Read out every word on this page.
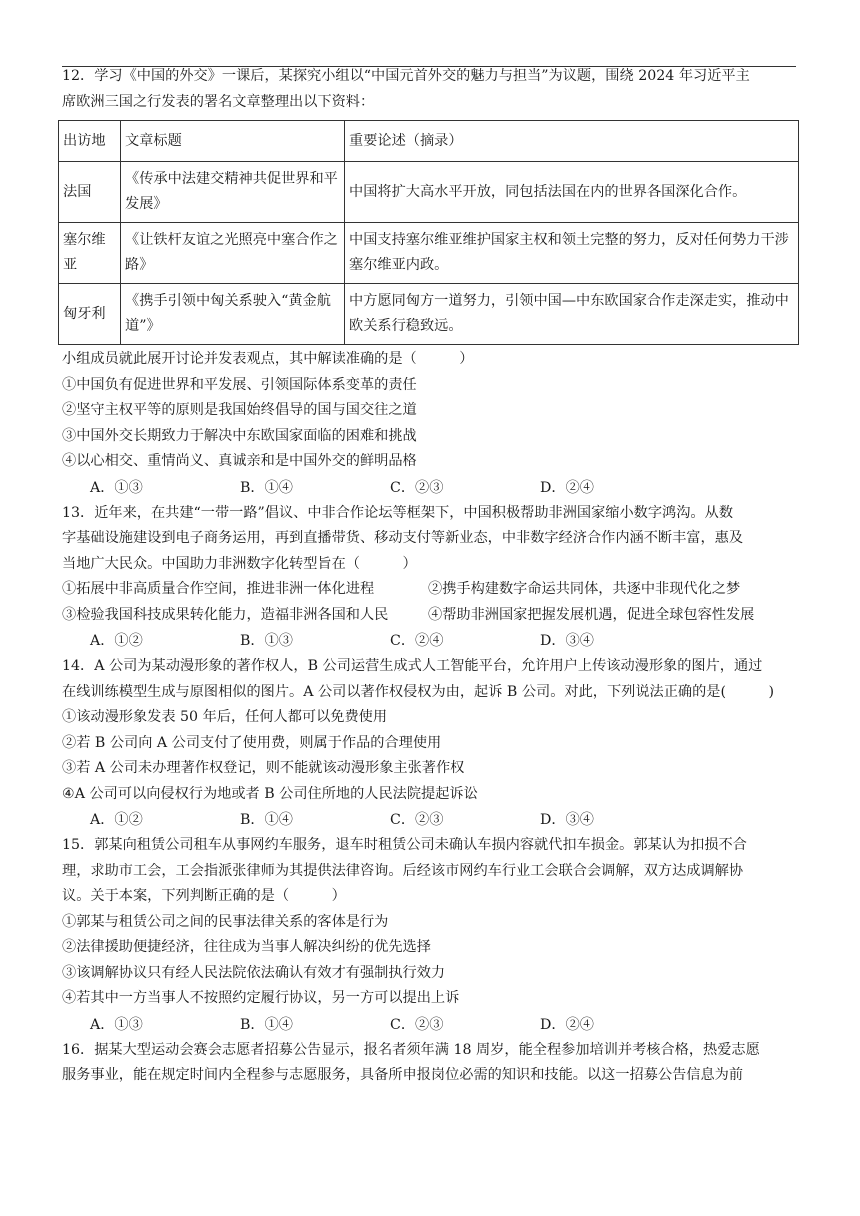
12．学习《中国的外交》一课后，某探究小组以“中国元首外交的魅力与担当”为议题，围绕 2024 年习近平主
席欧洲三国之行发表的署名文章整理出以下资料：
出访地	文章标题	重要论述（摘录）
法国	《传承中法建交精神共促世界和平发展》	中国将扩大高水平开放，同包括法国在内的世界各国深化合作。
塞尔维亚	《让铁杆友谊之光照亮中塞合作之路》	中国支持塞尔维亚维护国家主权和领土完整的努力，反对任何势力干涉塞尔维亚内政。
匈牙利	《携手引领中匈关系驶入“黄金航道”》	中方愿同匈方一道努力，引领中国—中东欧国家合作走深走实，推动中欧关系行稳致远。
小组成员就此展开讨论并发表观点，其中解读准确的是（　　　）
①中国负有促进世界和平发展、引领国际体系变革的责任
②坚守主权平等的原则是我国始终倡导的国与国交往之道
③中国外交长期致力于解决中东欧国家面临的困难和挑战
④以心相交、重情尚义、真诚亲和是中国外交的鲜明品格
A．①③	B．①④	C．②③	D．②④
13．近年来，在共建“一带一路”倡议、中非合作论坛等框架下，中国积极帮助非洲国家缩小数字鸿沟。从数
字基础设施建设到电子商务运用，再到直播带货、移动支付等新业态，中非数字经济合作内涵不断丰富，惠及
当地广大民众。中国助力非洲数字化转型旨在（　　　）
①拓展中非高质量合作空间，推进非洲一体化进程	②携手构建数字命运共同体，共逐中非现代化之梦
③检验我国科技成果转化能力，造福非洲各国和人民	④帮助非洲国家把握发展机遇，促进全球包容性发展
A．①②	B．①③	C．②④	D．③④
14．A 公司为某动漫形象的著作权人，B 公司运营生成式人工智能平台，允许用户上传该动漫形象的图片，通过
在线训练模型生成与原图相似的图片。A 公司以著作权侵权为由，起诉 B 公司。对此，下列说法正确的是(　　　)
①该动漫形象发表 50 年后，任何人都可以免费使用
②若 B 公司向 A 公司支付了使用费，则属于作品的合理使用
③若 A 公司未办理著作权登记，则不能就该动漫形象主张著作权
④A 公司可以向侵权行为地或者 B 公司住所地的人民法院提起诉讼
A．①②	B．①④	C．②③	D．③④
15．郭某向租赁公司租车从事网约车服务，退车时租赁公司未确认车损内容就代扣车损金。郭某认为扣损不合
理，求助市工会，工会指派张律师为其提供法律咨询。后经该市网约车行业工会联合会调解，双方达成调解协
议。关于本案，下列判断正确的是（　　　）
①郭某与租赁公司之间的民事法律关系的客体是行为
②法律援助便捷经济，往往成为当事人解决纠纷的优先选择
③该调解协议只有经人民法院依法确认有效才有强制执行效力
④若其中一方当事人不按照约定履行协议，另一方可以提出上诉
A．①③	B．①④	C．②③	D．②④
16．据某大型运动会赛会志愿者招募公告显示，报名者须年满 18 周岁，能全程参加培训并考核合格，热爱志愿
服务事业，能在规定时间内全程参与志愿服务，具备所申报岗位必需的知识和技能。以这一招募公告信息为前
